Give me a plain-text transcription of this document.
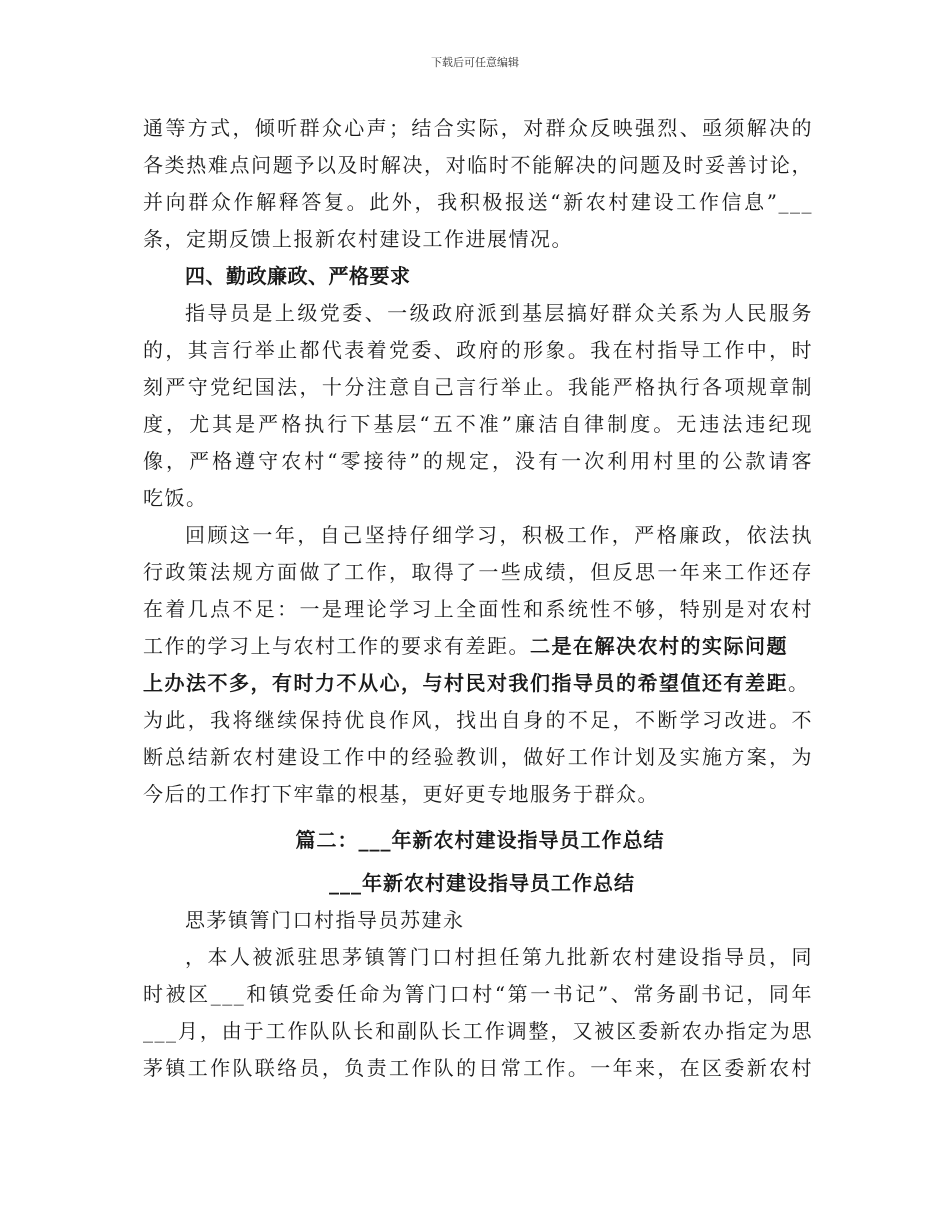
下载后可任意编辑
通等方式，倾听群众心声；结合实际，对群众反映强烈、亟须解决的
各类热难点问题予以及时解决，对临时不能解决的问题及时妥善讨论，
并向群众作解释答复。此外，我积极报送“新农村建设工作信息”___
条，定期反馈上报新农村建设工作进展情况。
四、勤政廉政、严格要求
指导员是上级党委、一级政府派到基层搞好群众关系为人民服务
的，其言行举止都代表着党委、政府的形象。我在村指导工作中，时
刻严守党纪国法，十分注意自己言行举止。我能严格执行各项规章制
度，尤其是严格执行下基层“五不准”廉洁自律制度。无违法违纪现
像，严格遵守农村“零接待”的规定，没有一次利用村里的公款请客
吃饭。
回顾这一年，自己坚持仔细学习，积极工作，严格廉政，依法执
行政策法规方面做了工作，取得了一些成绩，但反思一年来工作还存
在着几点不足：一是理论学习上全面性和系统性不够，特别是对农村
工作的学习上与农村工作的要求有差距。二是在解决农村的实际问题
上办法不多，有时力不从心，与村民对我们指导员的希望值还有差距。
为此，我将继续保持优良作风，找出自身的不足，不断学习改进。不
断总结新农村建设工作中的经验教训，做好工作计划及实施方案，为
今后的工作打下牢靠的根基，更好更专地服务于群众。
篇二：___年新农村建设指导员工作总结
___年新农村建设指导员工作总结
思茅镇箐门口村指导员苏建永
，本人被派驻思茅镇箐门口村担任第九批新农村建设指导员，同
时被区___和镇党委任命为箐门口村“第一书记”、常务副书记，同年
___月，由于工作队队长和副队长工作调整，又被区委新农办指定为思
茅镇工作队联络员，负责工作队的日常工作。一年来，在区委新农村
